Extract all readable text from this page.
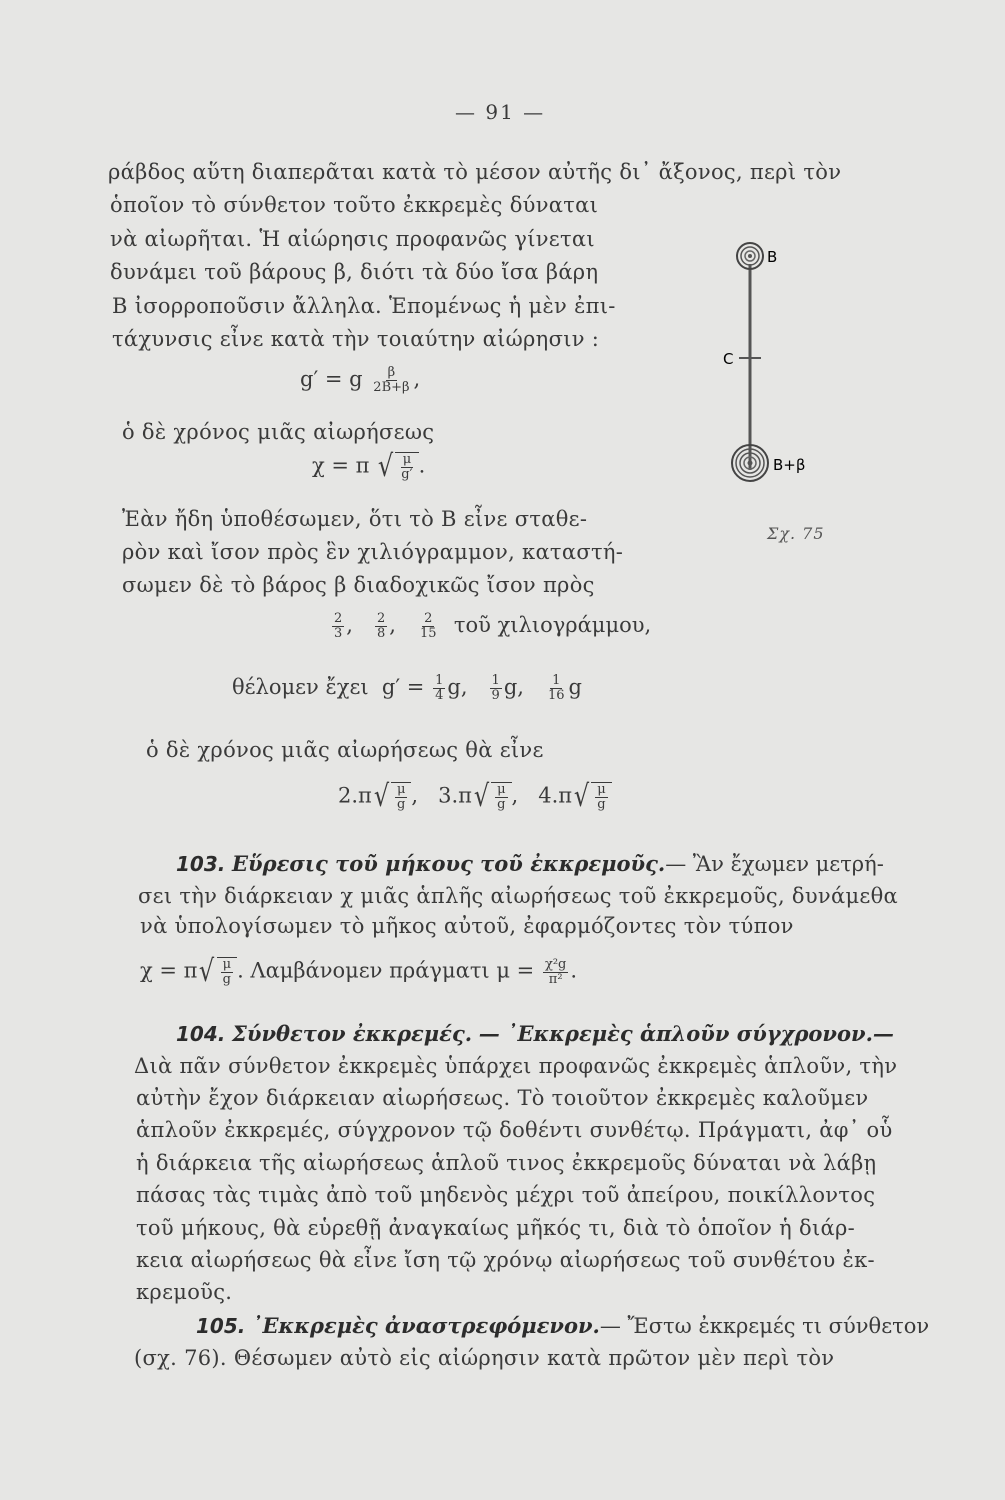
— 91 —
ράβδος αὕτη διαπερᾶται κατὰ τὸ μέσον αὐτῆς δι᾽ ἄξονος, περὶ τὸν
ὁποῖον τὸ σύνθετον τοῦτο ἐκκρεμὲς δύναται
νὰ αἰωρῆται. Ἡ αἰώρησις προφανῶς γίνεται
δυνάμει τοῦ βάρους β, διότι τὰ δύο ἴσα βάρη
Β ἰσορροποῦσιν ἄλληλα. Ἑπομένως ἡ μὲν ἐπι-
τάχυνσις εἶνε κατὰ τὴν τοιαύτην αἰώρησιν :
g′ = g $\frac{\beta}{2B+\beta}$ ,
ὁ δὲ χρόνος μιᾶς αἰωρήσεως
χ = π √ $\frac{\mu}{g'}$ .
Ἐὰν ἤδη ὑποθέσωμεν, ὅτι τὸ Β εἶνε σταθε-
ρὸν καὶ ἴσον πρὸς ἓν χιλιόγραμμον, καταστή-
σωμεν δὲ τὸ βάρος β διαδοχικῶς ἴσον πρὸς
$\frac{2}{3}$ , $\frac{2}{8}$ , $\frac{2}{15}$ τοῦ χιλιογράμμου,
θέλομεν ἔχει $g' = \frac{1}{4} g$, $\frac{1}{9} g$, $\frac{1}{16}$ g
ὁ δὲ χρόνος μιᾶς αἰωρήσεως θὰ εἶνε
2.π √ $\frac{\mu}{g}$ ,   3.π √ $\frac{\mu}{g}$ ,   4.π √ $\frac{\mu}{g}$
103. Εὕρεσις τοῦ μήκους τοῦ ἐκκρεμοῦς.— Ἂν ἔχωμεν μετρή-
σει τὴν διάρκειαν χ μιᾶς ἁπλῆς αἰωρήσεως τοῦ ἐκκρεμοῦς, δυνάμεθα
νὰ ὑπολογίσωμεν τὸ μῆκος αὐτοῦ, ἐφαρμόζοντες τὸν τύπον
χ = π √ $\frac{\mu}{g}$ . Λαμβάνομεν πράγματι $\mu = \frac{\text{χ²g}}{\text{π²}}$ .
104. Σύνθετον ἐκκρεμές. — ᾽Εκκρεμὲς ἁπλοῦν σύγχρονον.—
Διὰ πᾶν σύνθετον ἐκκρεμὲς ὑπάρχει προφανῶς ἐκκρεμὲς ἁπλοῦν, τὴν
αὐτὴν ἔχον διάρκειαν αἰωρήσεως. Τὸ τοιοῦτον ἐκκρεμὲς καλοῦμεν
ἁπλοῦν ἐκκρεμές, σύγχρονον τῷ δοθέντι συνθέτῳ. Πράγματι, ἀφ᾽ οὗ
ἡ διάρκεια τῆς αἰωρήσεως ἁπλοῦ τινος ἐκκρεμοῦς δύναται νὰ λάβῃ
πάσας τὰς τιμὰς ἀπὸ τοῦ μηδενὸς μέχρι τοῦ ἀπείρου, ποικίλλοντος
τοῦ μήκους, θὰ εὑρεθῇ ἀναγκαίως μῆκός τι, διὰ τὸ ὁποῖον ἡ διάρ-
κεια αἰωρήσεως θὰ εἶνε ἴση τῷ χρόνῳ αἰωρήσεως τοῦ συνθέτου ἐκ-
κρεμοῦς.
105. ᾽Εκκρεμὲς ἀναστρεφόμενον.— Ἔστω ἐκκρεμές τι σύνθετον
(σχ. 76). Θέσωμεν αὐτὸ εἰς αἰώρησιν κατὰ πρῶτον μὲν περὶ τὸν
B
C
B+β
Σχ. 75
